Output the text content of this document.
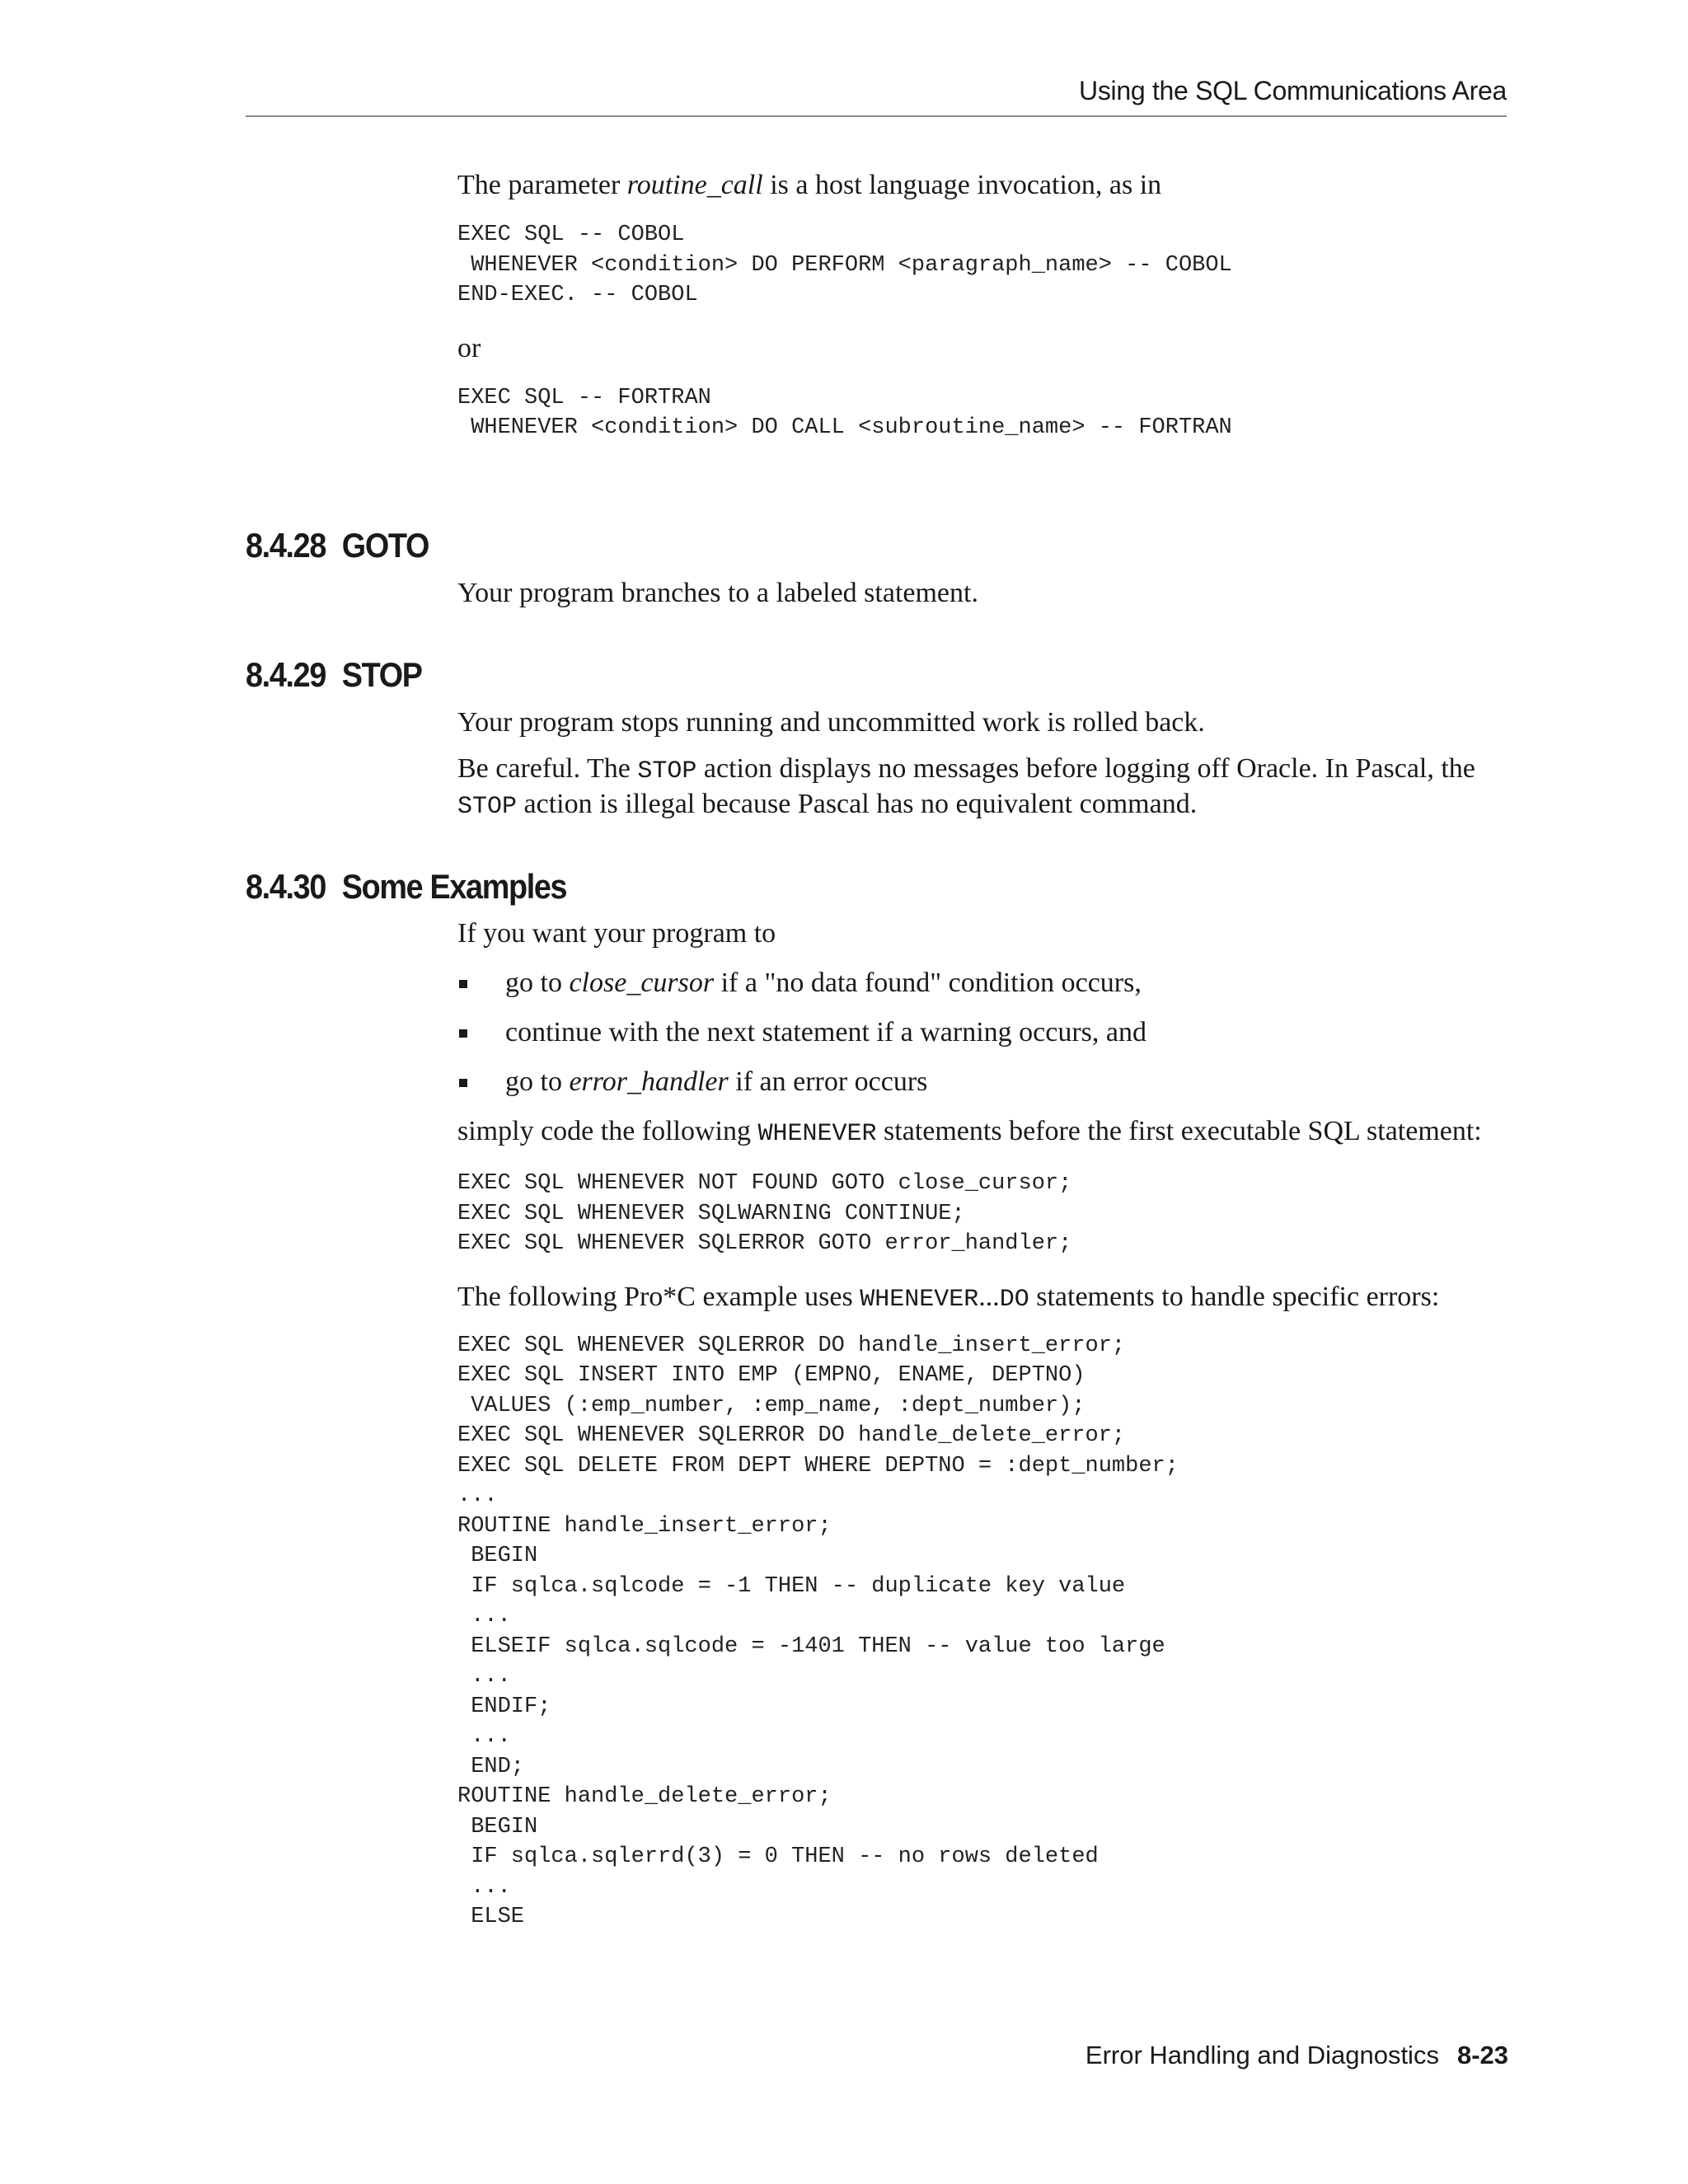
Using the SQL Communications Area

The parameter routine_call is a host language invocation, as in

EXEC SQL -- COBOL
WHENEVER <condition> DO PERFORM <paragraph_name> -- COBOL
END-EXEC. -- COBOL

or

EXEC SQL -- FORTRAN
WHENEVER <condition> DO CALL <subroutine_name> -- FORTRAN
8.4.28 GOTO

Your program branches to a labeled statement.

8.4.29 STOP

Your program stops running and uncommitted work is rolled back.

Be careful. The STOP action displays no messages before logging off Oracle. In Pascal, the STOP action is illegal because Pascal has no equivalent command.

8.4.30 Some Examples

If you want your program to

go to close_cursor if a "no data found" condition occurs,
continue with the next statement if a warning occurs, and
go to error_handler if an error occurs

simply code the following WHENEVER statements before the first executable SQL statement:

EXEC SQL WHENEVER NOT FOUND GOTO close_cursor;
EXEC SQL WHENEVER SQLWARNING CONTINUE;
EXEC SQL WHENEVER SQLERROR GOTO error_handler;

The following Pro*C example uses WHENEVER...DO statements to handle specific errors:

EXEC SQL WHENEVER SQLERROR DO handle_insert_error;
EXEC SQL INSERT INTO EMP (EMPNO, ENAME, DEPTNO)
VALUES (:emp_number, :emp_name, :dept_number);
EXEC SQL WHENEVER SQLERROR DO handle_delete_error;
EXEC SQL DELETE FROM DEPT WHERE DEPTNO = :dept_number;
...
ROUTINE handle_insert_error;
BEGIN
IF sqlca.sqlcode = -1 THEN -- duplicate key value
...
ELSEIF sqlca.sqlcode = -1401 THEN -- value too large
...
ENDIF;
...
END;
ROUTINE handle_delete_error;
BEGIN
IF sqlca.sqlerrd(3) = 0 THEN -- no rows deleted
...
ELSE
Error Handling and Diagnostics 8-23
